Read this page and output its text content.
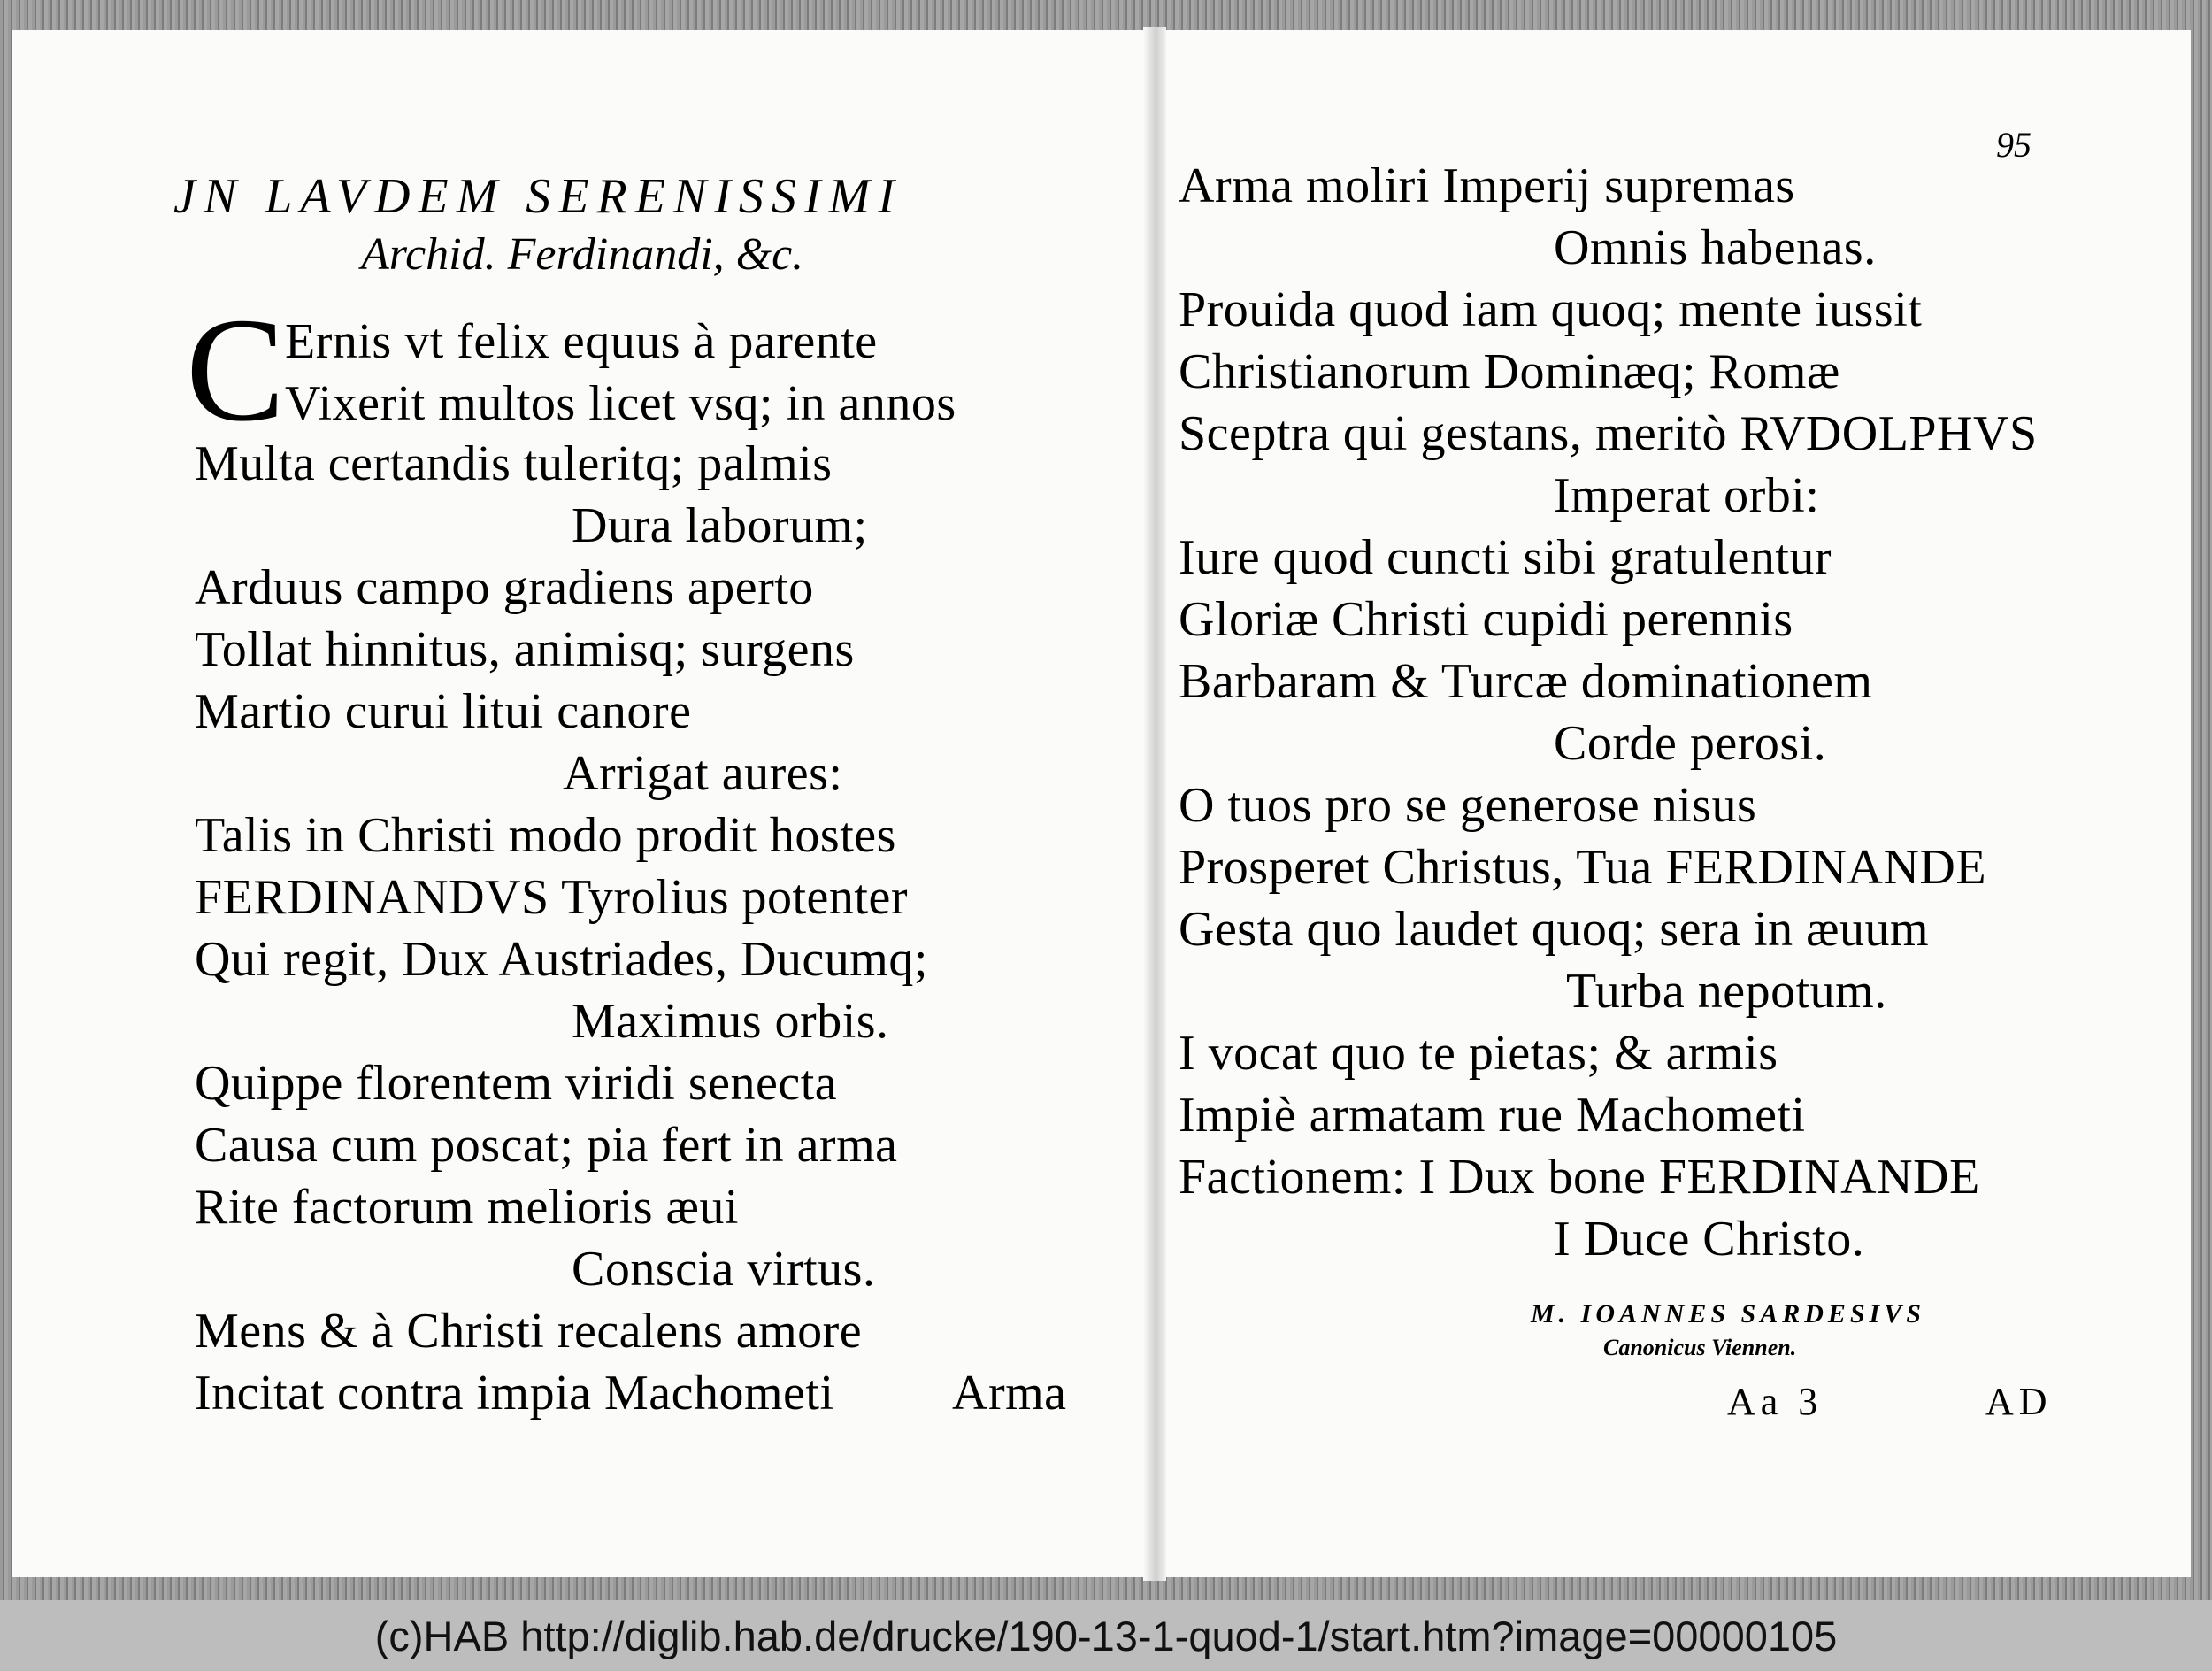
JN LAVDEM SERENISSIMI
Archid. Ferdinandi, &c.
C Ernis vt felix equus à parente
Vixerit multos licet vsq; in annos
Multa certandis tuleritq; palmis
Dura laborum;
Arduus campo gradiens aperto
Tollat hinnitus, animisq; surgens
Martio curui litui canore
Arrigat aures:
Talis in Christi modo prodit hostes
FERDINANDVS Tyrolius potenter
Qui regit, Dux Austriades, Ducumq;
Maximus orbis.
Quippe florentem viridi senecta
Causa cum poscat; pia fert in arma
Rite factorum melioris æui
Conscia virtus.
Mens & à Christi recalens amore
Incitat contra impia Machometi Arma
95
Arma moliri Imperij supremas
Omnis habenas.
Prouida quod iam quoq; mente iussit
Christianorum Dominæq; Romæ
Sceptra qui gestans, meritò RVDOLPHVS
Imperat orbi:
Iure quod cuncti sibi gratulentur
Gloriæ Christi cupidi perennis
Barbaram & Turcæ dominationem
Corde perosi.
O tuos pro se generose nisus
Prosperet Christus, Tua FERDINANDE
Gesta quo laudet quoq; sera in æuum
Turba nepotum.
I vocat quo te pietas; & armis
Impiè armatam rue Machometi
Factionem: I Dux bone FERDINANDE
I Duce Christo.
M. IOANNES SARDESIVS
Canonicus Viennen.
Aa 3	AD
(c)HAB http://diglib.hab.de/drucke/190-13-1-quod-1/start.htm?image=00000105
